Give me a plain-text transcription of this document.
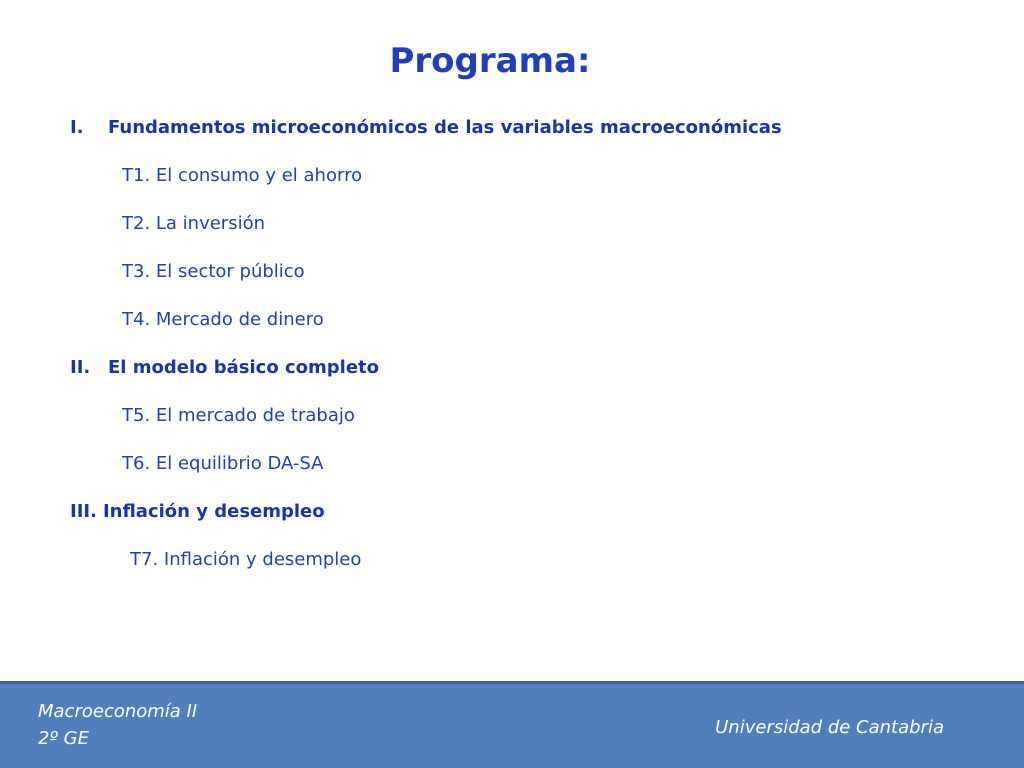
Programa:
I. Fundamentos microeconómicos de las variables macroeconómicas
T1. El consumo y el ahorro
T2. La inversión
T3. El sector público
T4. Mercado de dinero
II. El modelo básico completo
T5. El mercado de trabajo
T6. El equilibrio DA-SA
III. Inflación y desempleo
T7. Inflación y desempleo
Macroeconomía II
2º GE
Universidad de Cantabria
